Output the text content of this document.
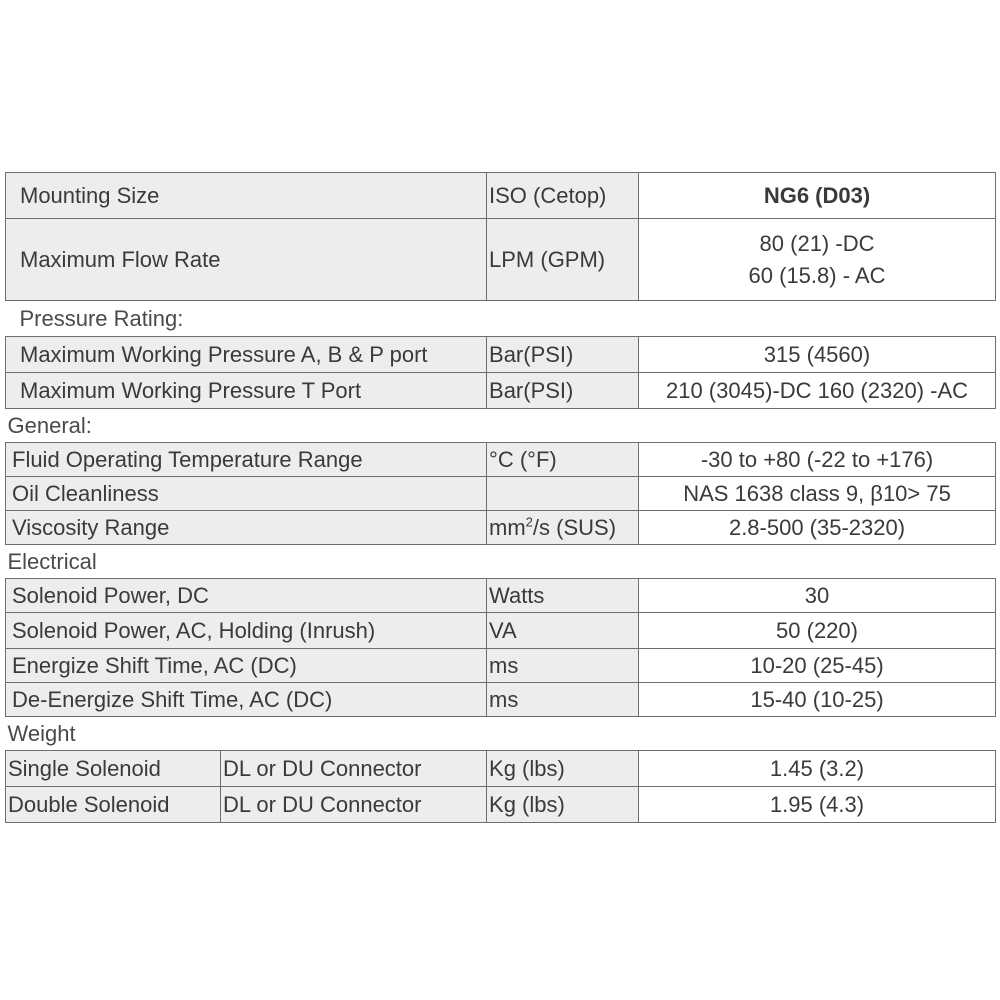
Mounting Size		ISO (Cetop)	NG6 (D03)
Maximum Flow Rate		LPM (GPM)	80 (21) -DC
60 (15.8) - AC

Pressure Rating:			
Maximum Working Pressure A, B & P port		Bar(PSI)	315 (4560)
Maximum Working Pressure T Port		Bar(PSI)	210 (3045)-DC 160 (2320) -AC
General:			
Fluid Operating Temperature Range		°C (°F)	-30 to +80 (-22 to +176)
Oil Cleanliness			NAS 1638 class 9, β10> 75
Viscosity Range		$mm^2/s$ (SUS)	2.8-500 (35-2320)
Electrical			
Solenoid Power, DC		Watts	30
Solenoid Power, AC, Holding (Inrush)		VA	50 (220)
Energize Shift Time, AC (DC)		ms	10-20 (25-45)
De-Energize Shift Time, AC (DC)		ms	15-40 (10-25)
Weight			
Single Solenoid	DL or DU Connector	Kg (lbs)	1.45 (3.2)
Double Solenoid	DL or DU Connector	Kg (lbs)	1.95 (4.3)
